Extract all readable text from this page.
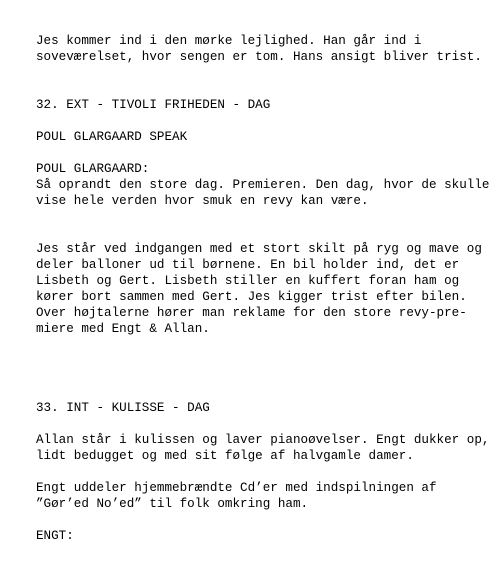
Jes kommer ind i den mørke lejlighed. Han går ind i

soveværelset, hvor sengen er tom. Hans ansigt bliver trist.

32. EXT - TIVOLI FRIHEDEN - DAG

POUL GLARGAARD SPEAK

POUL GLARGAARD:

Så oprandt den store dag. Premieren. Den dag, hvor de skulle

vise hele verden hvor smuk en revy kan være.

Jes står ved indgangen med et stort skilt på ryg og mave og

deler balloner ud til børnene. En bil holder ind, det er

Lisbeth og Gert. Lisbeth stiller en kuffert foran ham og

kører bort sammen med Gert. Jes kigger trist efter bilen.

Over højtalerne hører man reklame for den store revy-pre-

miere med Engt & Allan.

33. INT - KULISSE - DAG

Allan står i kulissen og laver pianoøvelser. Engt dukker op,

lidt bedugget og med sit følge af halvgamle damer.

Engt uddeler hjemmebrændte Cd’er med indspilningen af

”Gør’ed No’ed” til folk omkring ham.

ENGT:
